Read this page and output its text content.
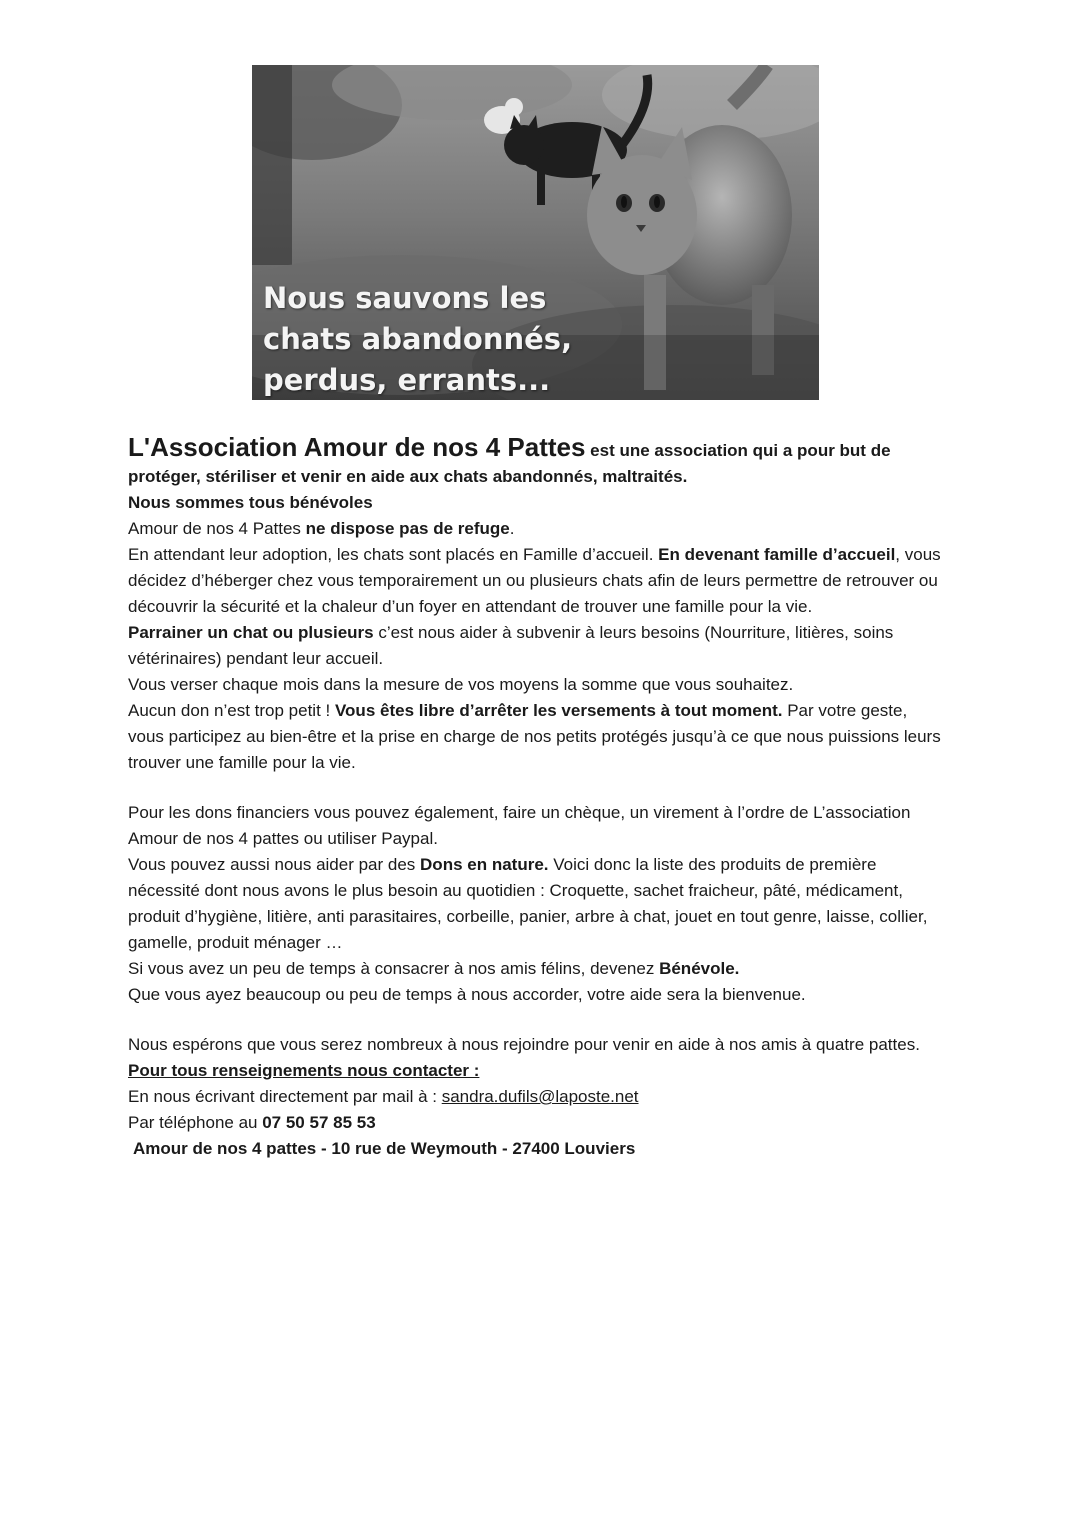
Nous sauvons les
chats abandonnés,
perdus, errants...

L'Association Amour de nos 4 Pattes est une association qui a pour but de protéger, stériliser et venir en aide aux chats abandonnés, maltraités.

Nous sommes tous bénévoles

Amour de nos 4 Pattes ne dispose pas de refuge.

En attendant leur adoption, les chats sont placés en Famille d’accueil. En devenant famille d’accueil, vous décidez d’héberger chez vous temporairement un ou plusieurs chats afin de leurs permettre de retrouver ou découvrir la sécurité et la chaleur d’un foyer en attendant de trouver une famille pour la vie.

Parrainer un chat ou plusieurs c’est nous aider à subvenir à leurs besoins (Nourriture, litières, soins vétérinaires) pendant leur accueil.

Vous verser chaque mois dans la mesure de vos moyens la somme que vous souhaitez.

Aucun don n’est trop petit ! Vous êtes libre d’arrêter les versements à tout moment. Par votre geste, vous participez au bien-être et la prise en charge de nos petits protégés jusqu’à ce que nous puissions leurs trouver une famille pour la vie.

Pour les dons financiers vous pouvez également, faire un chèque, un virement à l’ordre de L’association Amour de nos 4 pattes ou utiliser Paypal.

Vous pouvez aussi nous aider par des Dons en nature. Voici donc la liste des produits de première nécessité dont nous avons le plus besoin au quotidien : Croquette, sachet fraicheur, pâté, médicament, produit d’hygiène, litière, anti parasitaires, corbeille, panier, arbre à chat, jouet en tout genre, laisse, collier, gamelle, produit ménager …

Si vous avez un peu de temps à consacrer à nos amis félins, devenez Bénévole.

Que vous ayez beaucoup ou peu de temps à nous accorder, votre aide sera la bienvenue.

Nous espérons que vous serez nombreux à nous rejoindre pour venir en aide à nos amis à quatre pattes.

Pour tous renseignements nous contacter :

En nous écrivant directement par mail à : sandra.dufils@laposte.net

Par téléphone au 07 50 57 85 53

Amour de nos 4 pattes - 10 rue de Weymouth - 27400 Louviers
